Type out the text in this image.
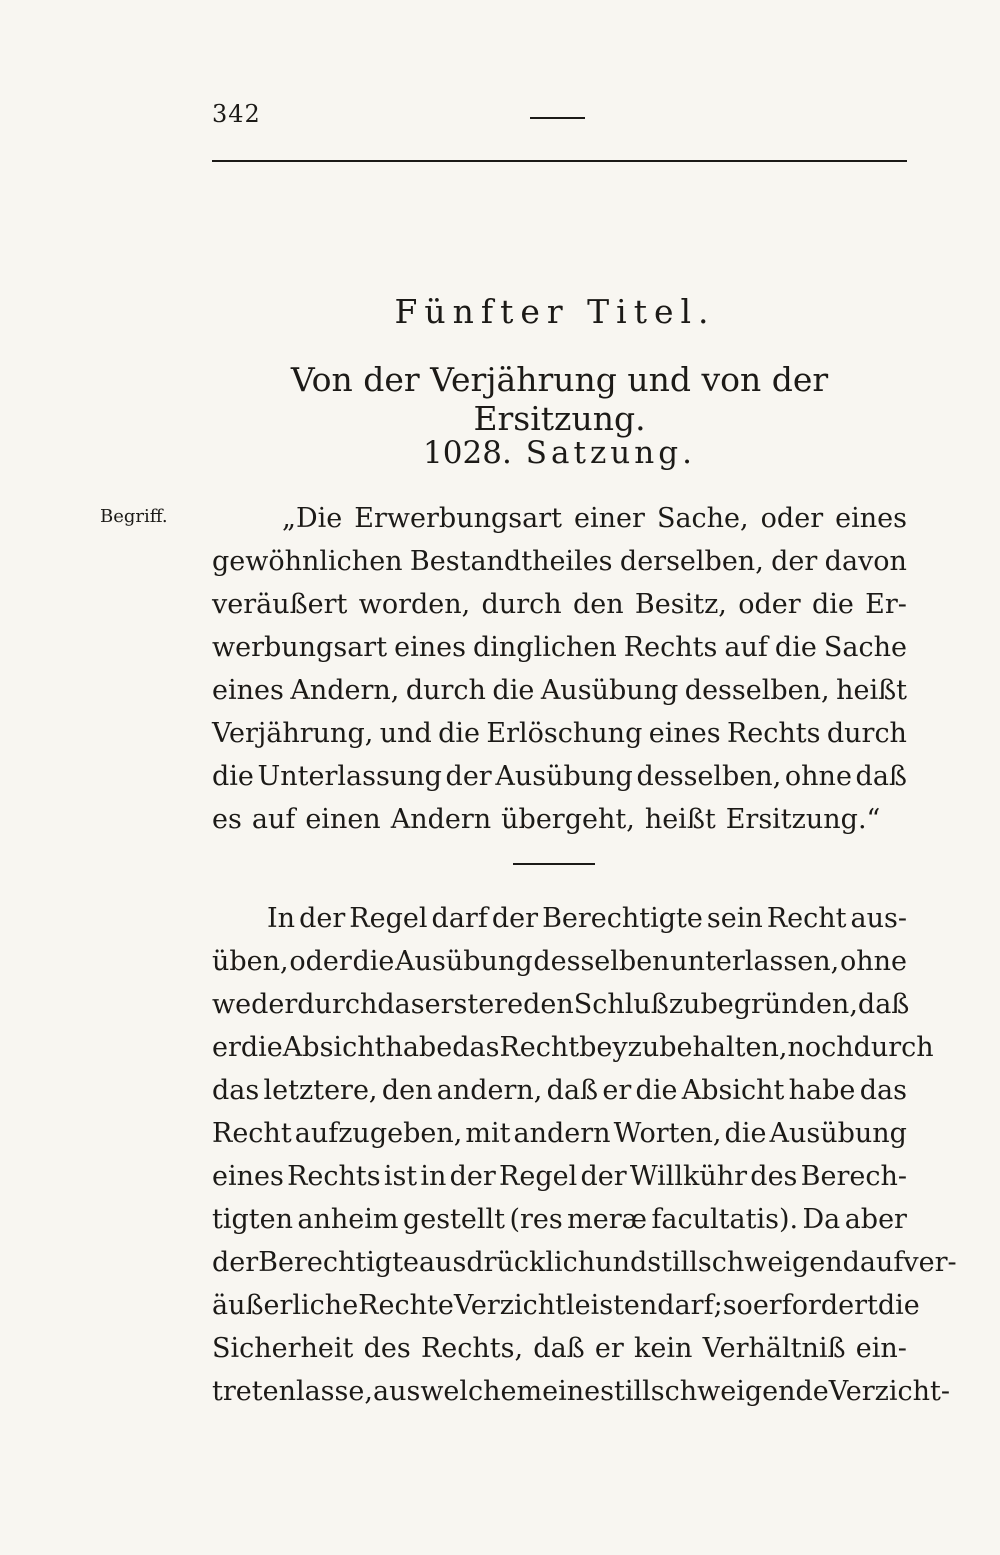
342
Fünfter Titel.
Von der Verjährung und von der Ersitzung.
1028. Satzung.
Begriff.	„Die Erwerbungsart einer Sache, oder eines
gewöhnlichen Bestandtheiles derselben, der davon
veräußert worden, durch den Besitz, oder die Er-
werbungsart eines dinglichen Rechts auf die Sache
eines Andern, durch die Ausübung desselben, heißt
Verjährung, und die Erlöschung eines Rechts durch
die Unterlassung der Ausübung desselben, ohne daß
es auf einen Andern übergeht, heißt Ersitzung.“
In der Regel darf der Berechtigte sein Recht aus-
üben, oder die Ausübung desselben unterlassen, ohne
weder durch das erstere den Schluß zu begründen, daß
er die Absicht habe das Recht beyzubehalten, noch durch
das letztere, den andern, daß er die Absicht habe das
Recht aufzugeben, mit andern Worten, die Ausübung
eines Rechts ist in der Regel der Willkühr des Berech-
tigten anheim gestellt (res meræ facultatis). Da aber
der Berechtigte ausdrücklich und stillschweigend auf ver-
äußerliche Rechte Verzicht leisten darf; so erfordert die
Sicherheit des Rechts, daß er kein Verhältniß ein-
treten lasse, aus welchem eine stillschweigende Verzicht-
